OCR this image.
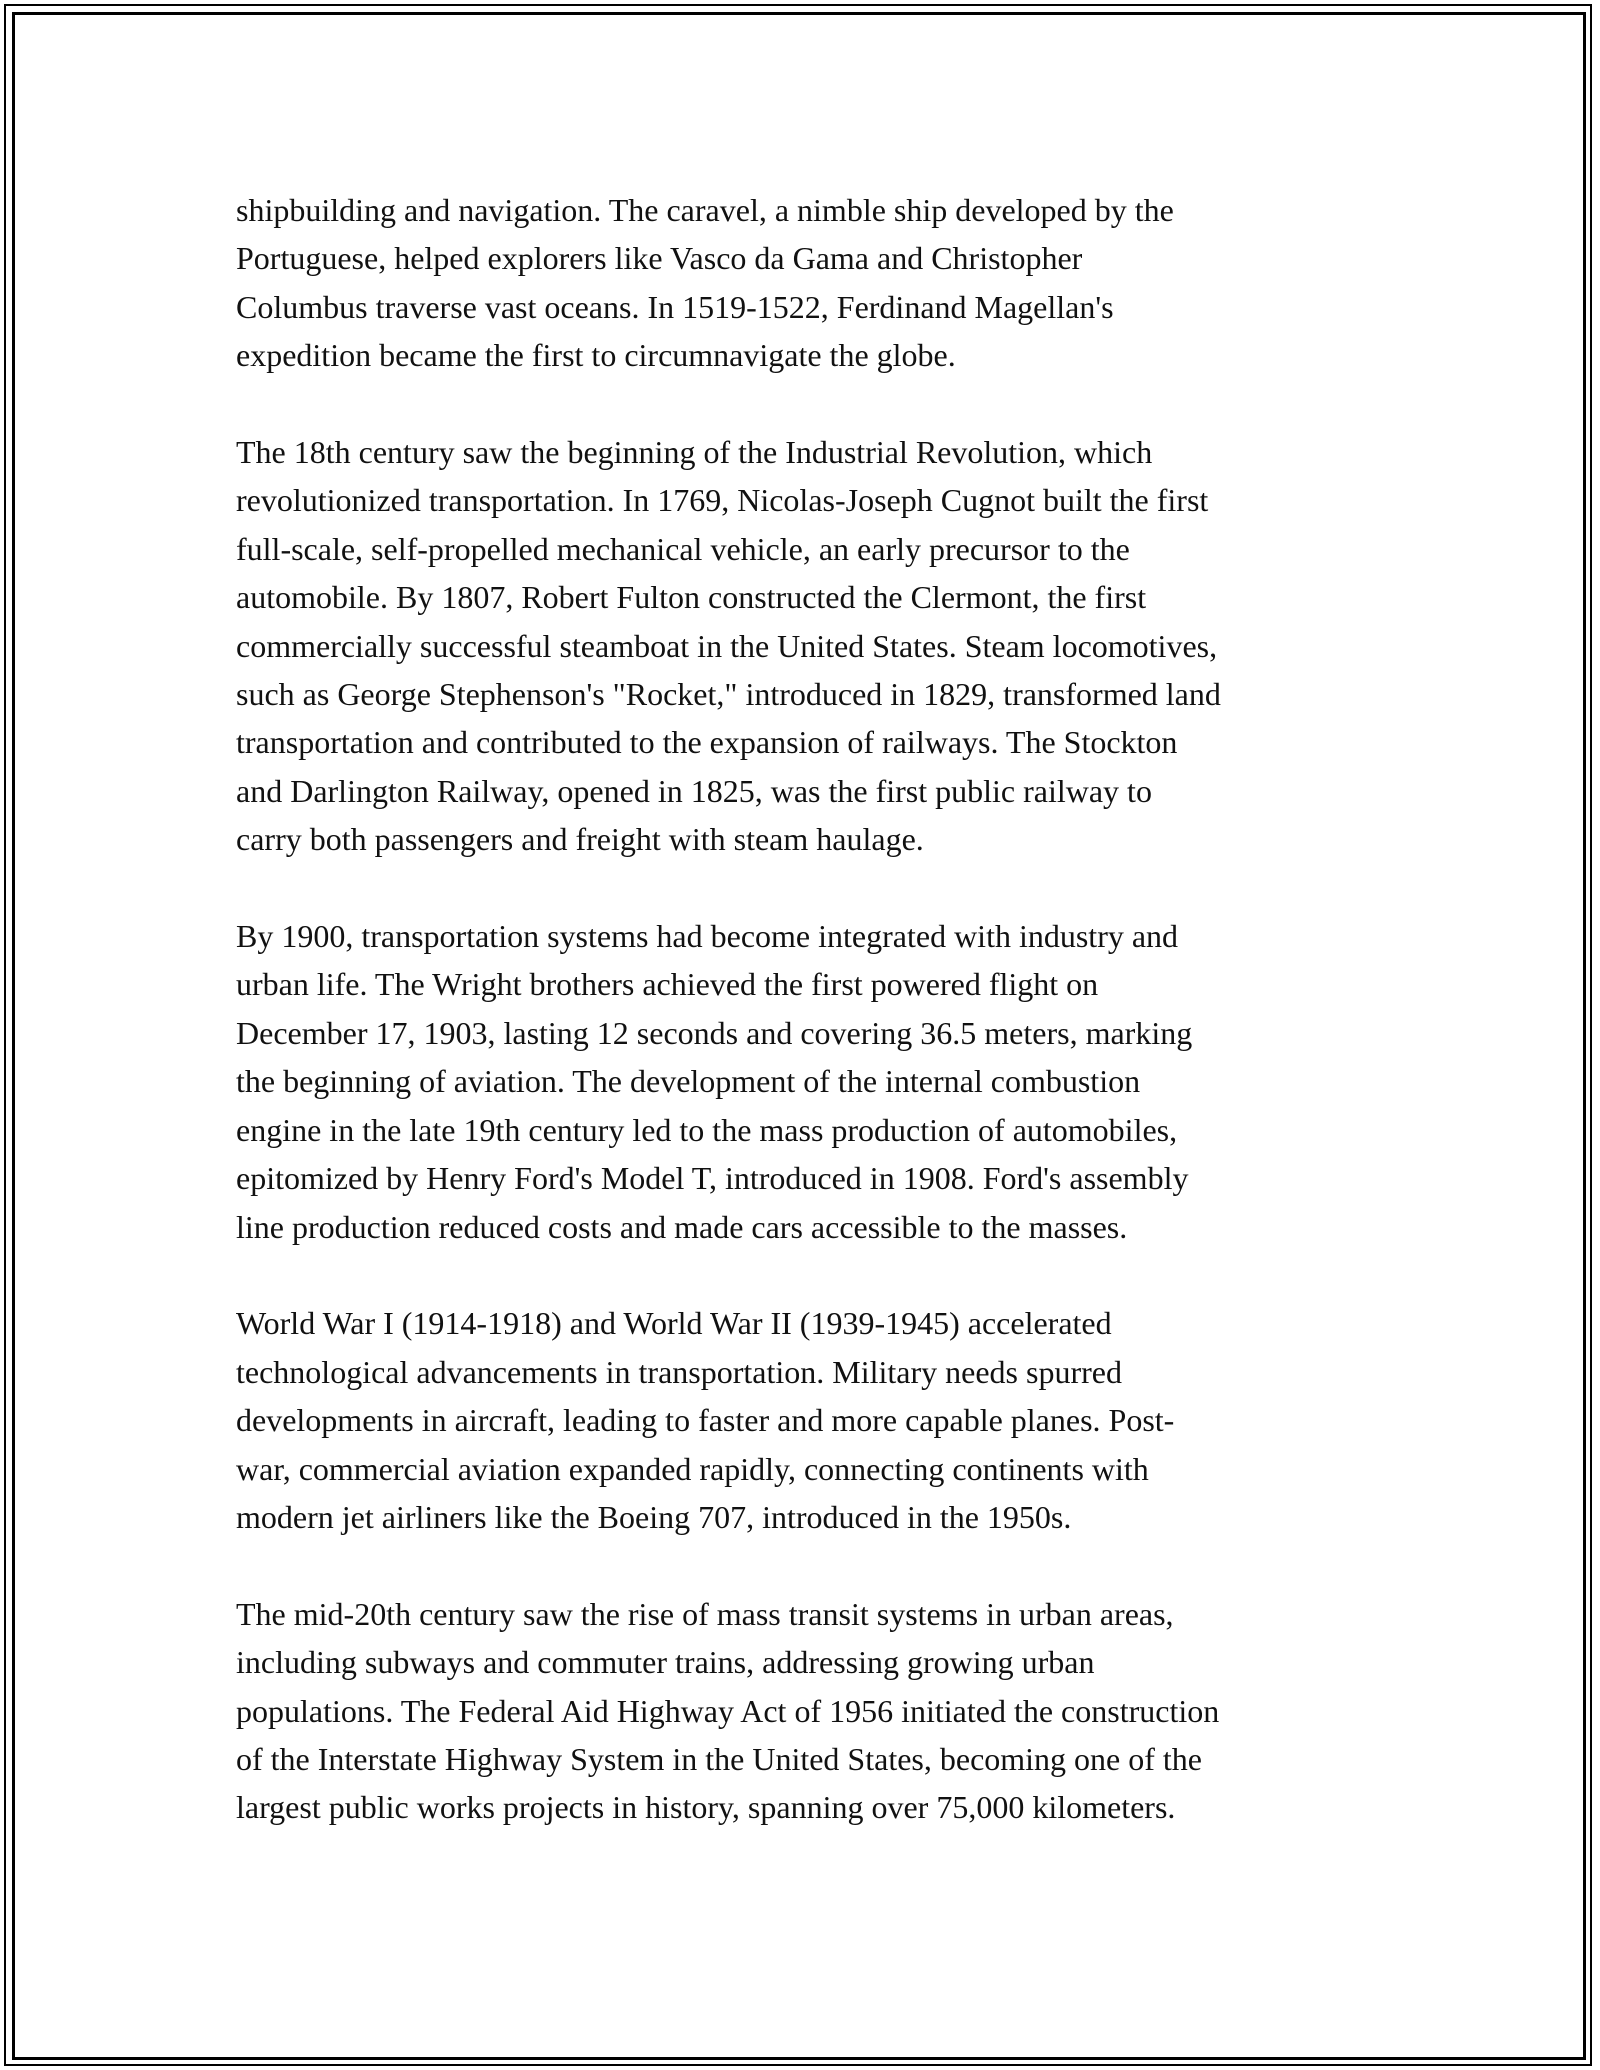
shipbuilding and navigation. The caravel, a nimble ship developed by the
Portuguese, helped explorers like Vasco da Gama and Christopher
Columbus traverse vast oceans. In 1519-1522, Ferdinand Magellan's
expedition became the first to circumnavigate the globe.

The 18th century saw the beginning of the Industrial Revolution, which
revolutionized transportation. In 1769, Nicolas-Joseph Cugnot built the first
full-scale, self-propelled mechanical vehicle, an early precursor to the
automobile. By 1807, Robert Fulton constructed the Clermont, the first
commercially successful steamboat in the United States. Steam locomotives,
such as George Stephenson's "Rocket," introduced in 1829, transformed land
transportation and contributed to the expansion of railways. The Stockton
and Darlington Railway, opened in 1825, was the first public railway to
carry both passengers and freight with steam haulage.

By 1900, transportation systems had become integrated with industry and
urban life. The Wright brothers achieved the first powered flight on
December 17, 1903, lasting 12 seconds and covering 36.5 meters, marking
the beginning of aviation. The development of the internal combustion
engine in the late 19th century led to the mass production of automobiles,
epitomized by Henry Ford's Model T, introduced in 1908. Ford's assembly
line production reduced costs and made cars accessible to the masses.

World War I (1914-1918) and World War II (1939-1945) accelerated
technological advancements in transportation. Military needs spurred
developments in aircraft, leading to faster and more capable planes. Post-
war, commercial aviation expanded rapidly, connecting continents with
modern jet airliners like the Boeing 707, introduced in the 1950s.

The mid-20th century saw the rise of mass transit systems in urban areas,
including subways and commuter trains, addressing growing urban
populations. The Federal Aid Highway Act of 1956 initiated the construction
of the Interstate Highway System in the United States, becoming one of the
largest public works projects in history, spanning over 75,000 kilometers.
